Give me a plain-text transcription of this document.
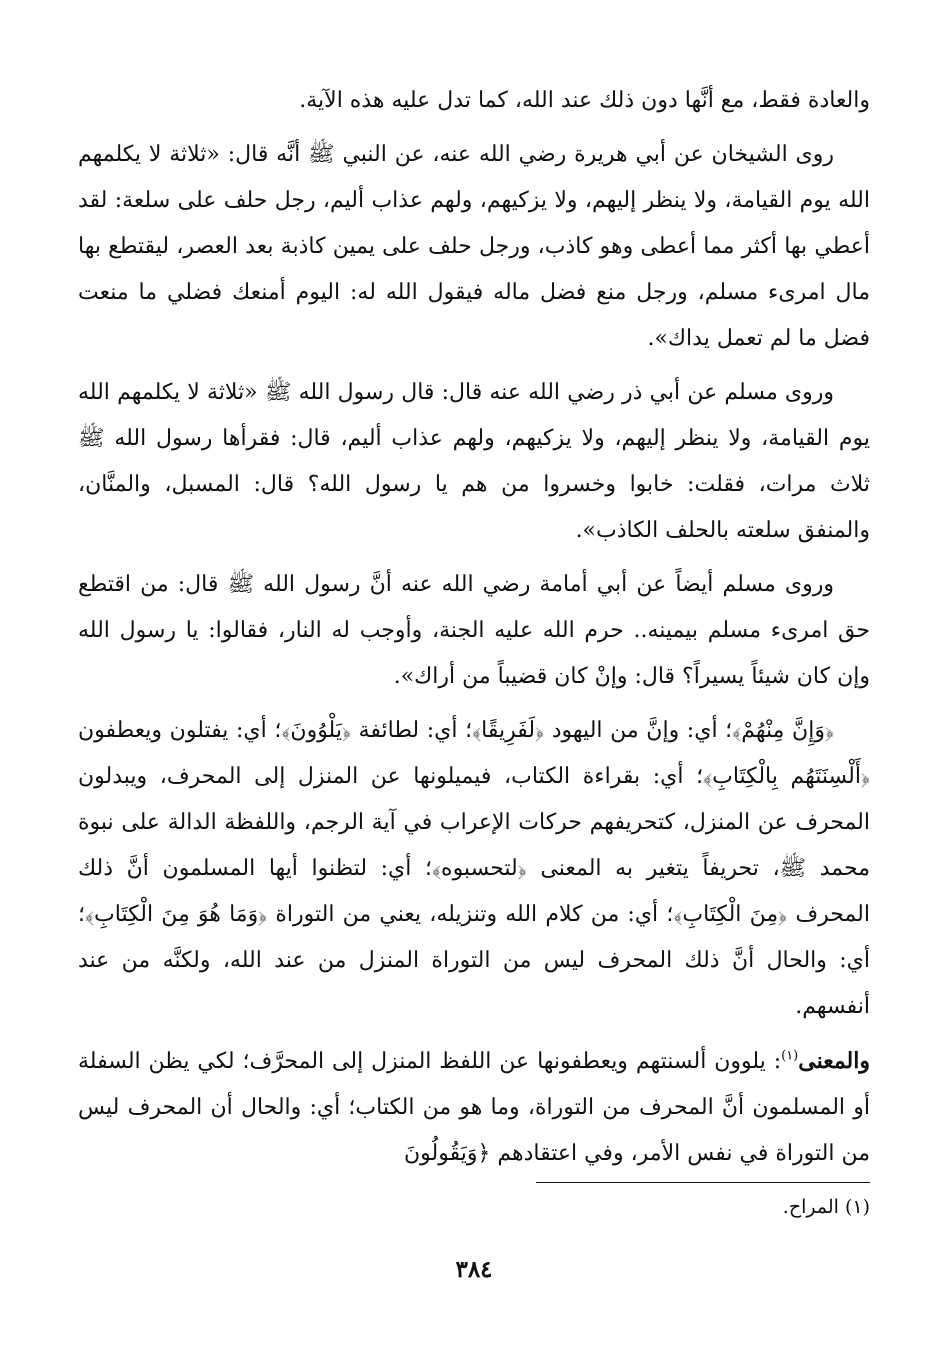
والعادة فقط، مع أنَّها دون ذلك عند الله، كما تدل عليه هذه الآية.

روى الشيخان عن أبي هريرة رضي الله عنه، عن النبي ﷺ أنَّه قال: «ثلاثة لا يكلمهم الله يوم القيامة، ولا ينظر إليهم، ولا يزكيهم، ولهم عذاب أليم، رجل حلف على سلعة: لقد أعطي بها أكثر مما أعطى وهو كاذب، ورجل حلف على يمين كاذبة بعد العصر، ليقتطع بها مال امرىء مسلم، ورجل منع فضل ماله فيقول الله له: اليوم أمنعك فضلي ما منعت فضل ما لم تعمل يداك».

وروى مسلم عن أبي ذر رضي الله عنه قال: قال رسول الله ﷺ «ثلاثة لا يكلمهم الله يوم القيامة، ولا ينظر إليهم، ولا يزكيهم، ولهم عذاب أليم، قال: فقرأها رسول الله ﷺ ثلاث مرات، فقلت: خابوا وخسروا من هم يا رسول الله؟ قال: المسبل، والمنَّان، والمنفق سلعته بالحلف الكاذب».

وروى مسلم أيضاً عن أبي أمامة رضي الله عنه أنَّ رسول الله ﷺ قال: من اقتطع حق امرىء مسلم بيمينه.. حرم الله عليه الجنة، وأوجب له النار، فقالوا: يا رسول الله وإن كان شيئاً يسيراً؟ قال: وإنْ كان قضيباً من أراك».

﴿وَإِنَّ مِنْهُمْ﴾؛ أي: وإنَّ من اليهود ﴿لَفَرِيقًا﴾؛ أي: لطائفة ﴿يَلْوُونَ﴾؛ أي: يفتلون ويعطفون ﴿أَلْسِنَتَهُم بِالْكِتَابِ﴾؛ أي: بقراءة الكتاب، فيميلونها عن المنزل إلى المحرف، ويبدلون المحرف عن المنزل، كتحريفهم حركات الإعراب في آية الرجم، واللفظة الدالة على نبوة محمد ﷺ، تحريفاً يتغير به المعنى ﴿لتحسبوه﴾؛ أي: لتظنوا أيها المسلمون أنَّ ذلك المحرف ﴿مِنَ الْكِتَابِ﴾؛ أي: من كلام الله وتنزيله، يعني من التوراة ﴿وَمَا هُوَ مِنَ الْكِتَابِ﴾؛ أي: والحال أنَّ ذلك المحرف ليس من التوراة المنزل من عند الله، ولكنَّه من عند أنفسهم.

والمعنى$^{(١)}$: يلوون ألسنتهم ويعطفونها عن اللفظ المنزل إلى المحرَّف؛ لكي يظن السفلة أو المسلمون أنَّ المحرف من التوراة، وما هو من الكتاب؛ أي: والحال أن المحرف ليس من التوراة في نفس الأمر، وفي اعتقادهم ﴿وَيَقُولُونَ

(١) المراح.

٣٨٤
